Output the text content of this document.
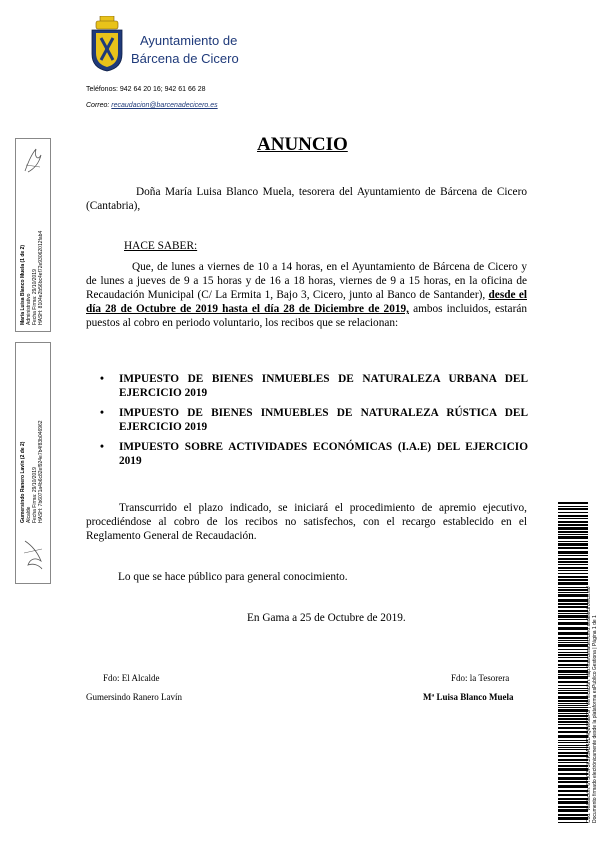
Ayuntamiento de
Bárcena de Cicero
Teléfonos: 942 64 20 16; 942 61 66 28
Correo: recaudacion@barcenadecicero.es
ANUNCIO
Doña María Luisa Blanco Muela, tesorera del Ayuntamiento de Bárcena de Cicero (Cantabria),
HACE SABER:
Que, de lunes a viernes de 10 a 14 horas, en el Ayuntamiento de Bárcena de Cicero y de lunes a jueves de 9 a 15 horas y de 16 a 18 horas, viernes de 9 a 15 horas, en la oficina de Recaudación Municipal (C/ La Ermita 1, Bajo 3, Cicero, junto al Banco de Santander), desde el día 28 de Octubre de 2019 hasta el día 28 de Diciembre de 2019, ambos incluidos, estarán puestos al cobro en periodo voluntario, los recibos que se relacionan:
• IMPUESTO DE BIENES INMUEBLES DE NATURALEZA URBANA DEL EJERCICIO 2019
• IMPUESTO DE BIENES INMUEBLES DE NATURALEZA RÚSTICA DEL EJERCICIO 2019
• IMPUESTO SOBRE ACTIVIDADES ECONÓMICAS (I.A.E) DEL EJERCICIO 2019
Transcurrido el plazo indicado, se iniciará el procedimiento de apremio ejecutivo, procediéndose al cobro de los recibos no satisfechos, con el recargo establecido en el Reglamento General de Recaudación.
Lo que se hace público para general conocimiento.
En Gama a 25 de Octubre de 2019.
Fdo: El Alcalde
Gumersindo Ranero Lavín
Fdo: la Tesorera
Mª Luisa Blanco Muela
María Luisa Blanco Muela (1 de 2) Administrativo Fecha Firma: 29/10/2019 HASH: 8104e2b56bc4ef72e93062012fab4
Gumersindo Ranero Lavín (2 de 2) Alcalde Fecha Firma: 29/10/2019 HASH: 7b6071a4b6c82ef924e7b4f83b046962
Cód. Validación: 6T5G3F3K2K9A242D4Q8W6EFG | Verificación: http://barcenadecicero.sedelectronica.es/ Documento firmado electrónicamente desde la plataforma esPublico Gestiona | Página 1 de 1
